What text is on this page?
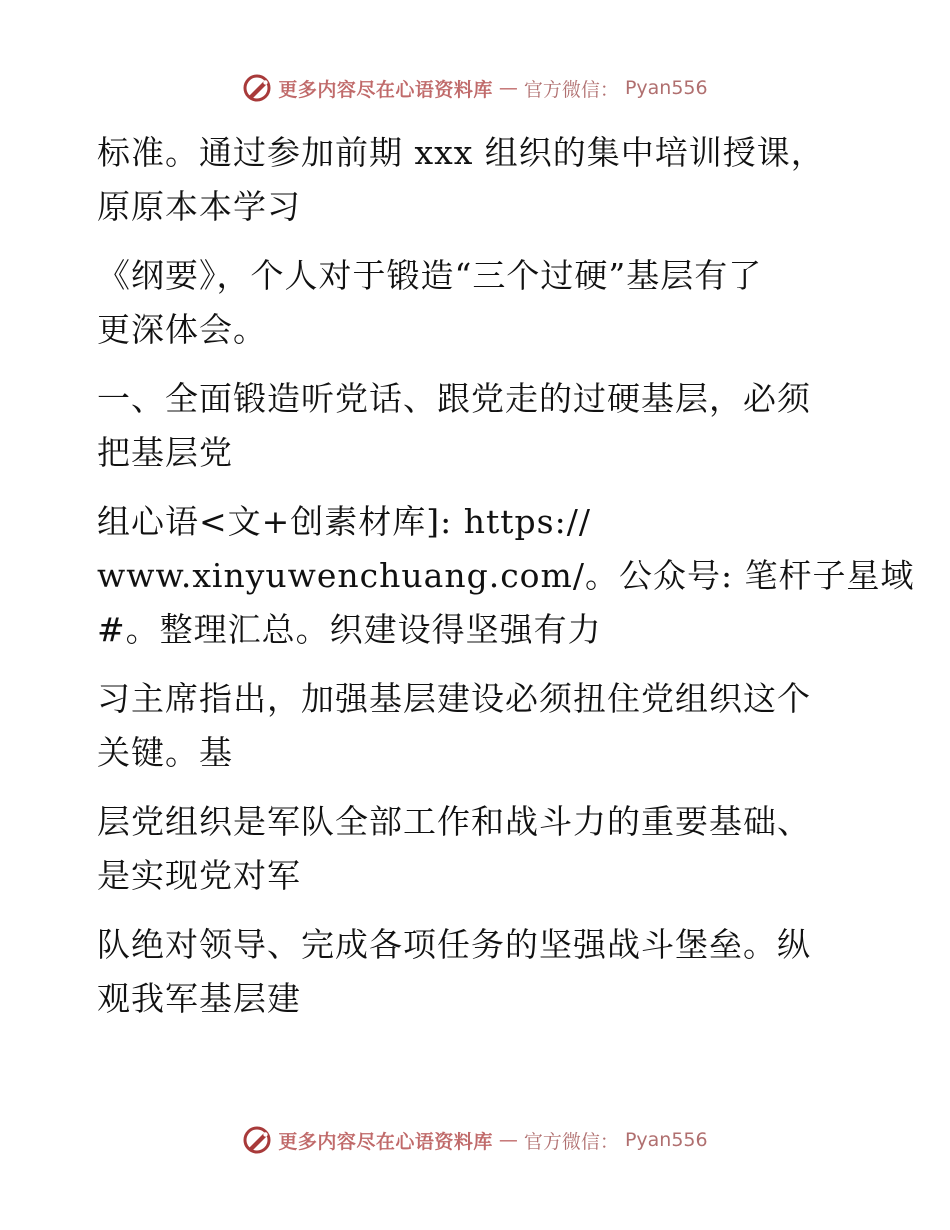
更多内容尽在心语资料库 — 官方微信： Pyan556

标准。通过参加前期 xxx 组织的集中培训授课，
原原本本学习

《纲要》，个人对于锻造“三个过硬”基层有了
更深体会。

一、全面锻造听党话、跟党走的过硬基层，必须
把基层党

组心语<文+创素材库]: https://
www.xinyuwenchuang.com/。公众号: 笔杆子星域
#。整理汇总。织建设得坚强有力

习主席指出，加强基层建设必须扭住党组织这个
关键。基

层党组织是军队全部工作和战斗力的重要基础、
是实现党对军

队绝对领导、完成各项任务的坚强战斗堡垒。纵
观我军基层建

更多内容尽在心语资料库 — 官方微信： Pyan556
